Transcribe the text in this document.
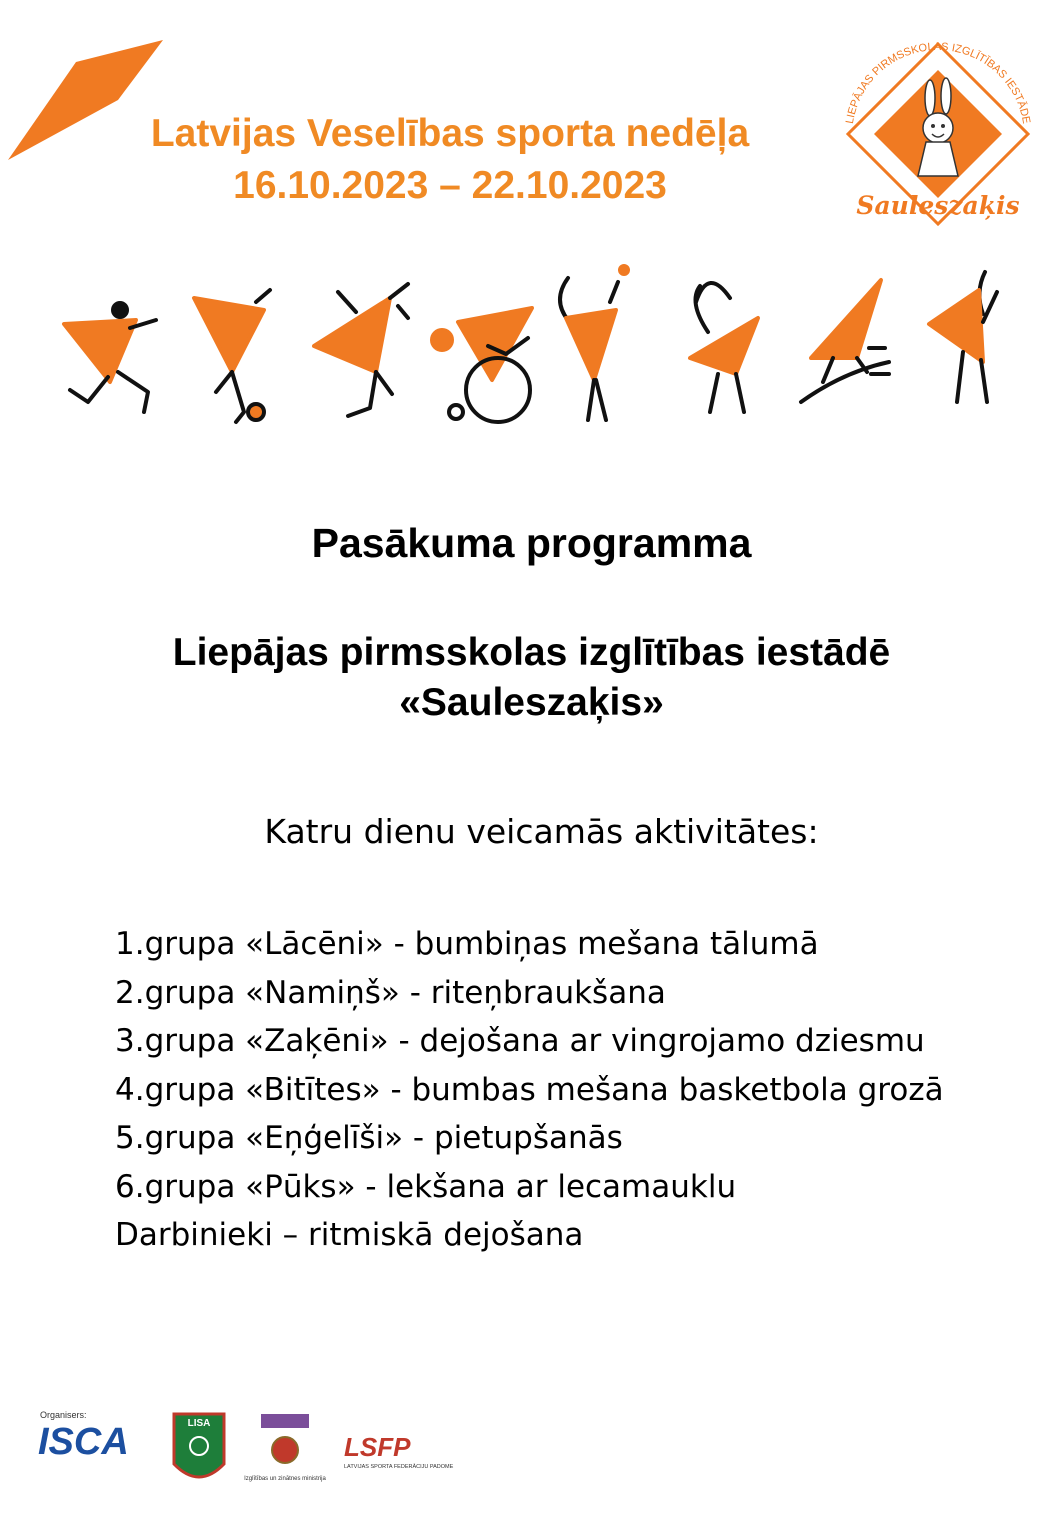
Latvijas Veselības sporta nedēļa
16.10.2023 – 22.10.2023
LIEPĀJAS PIRMSSKOLAS IZGLĪTĪBAS IESTĀDE
Sauleszaķis
Pasākuma programma
Liepājas pirmsskolas izglītības iestādē
«Sauleszaķis»
Katru dienu veicamās aktivitātes:
1.grupa «Lācēni» - bumbiņas mešana tālumā
2.grupa «Namiņš» - riteņbraukšana
3.grupa «Zaķēni» - dejošana ar vingrojamo dziesmu
4.grupa «Bitītes» - bumbas mešana basketbola grozā
5.grupa «Eņģelīši» - pietupšanās
6.grupa «Pūks» - lekšana ar lecamauklu
Darbinieki – ritmiskā dejošana
Organisers:
ISCA	LISA
Izglītības un zinātnes ministrija
LSFP
LATVIJAS SPORTA FEDERĀCIJU PADOME
